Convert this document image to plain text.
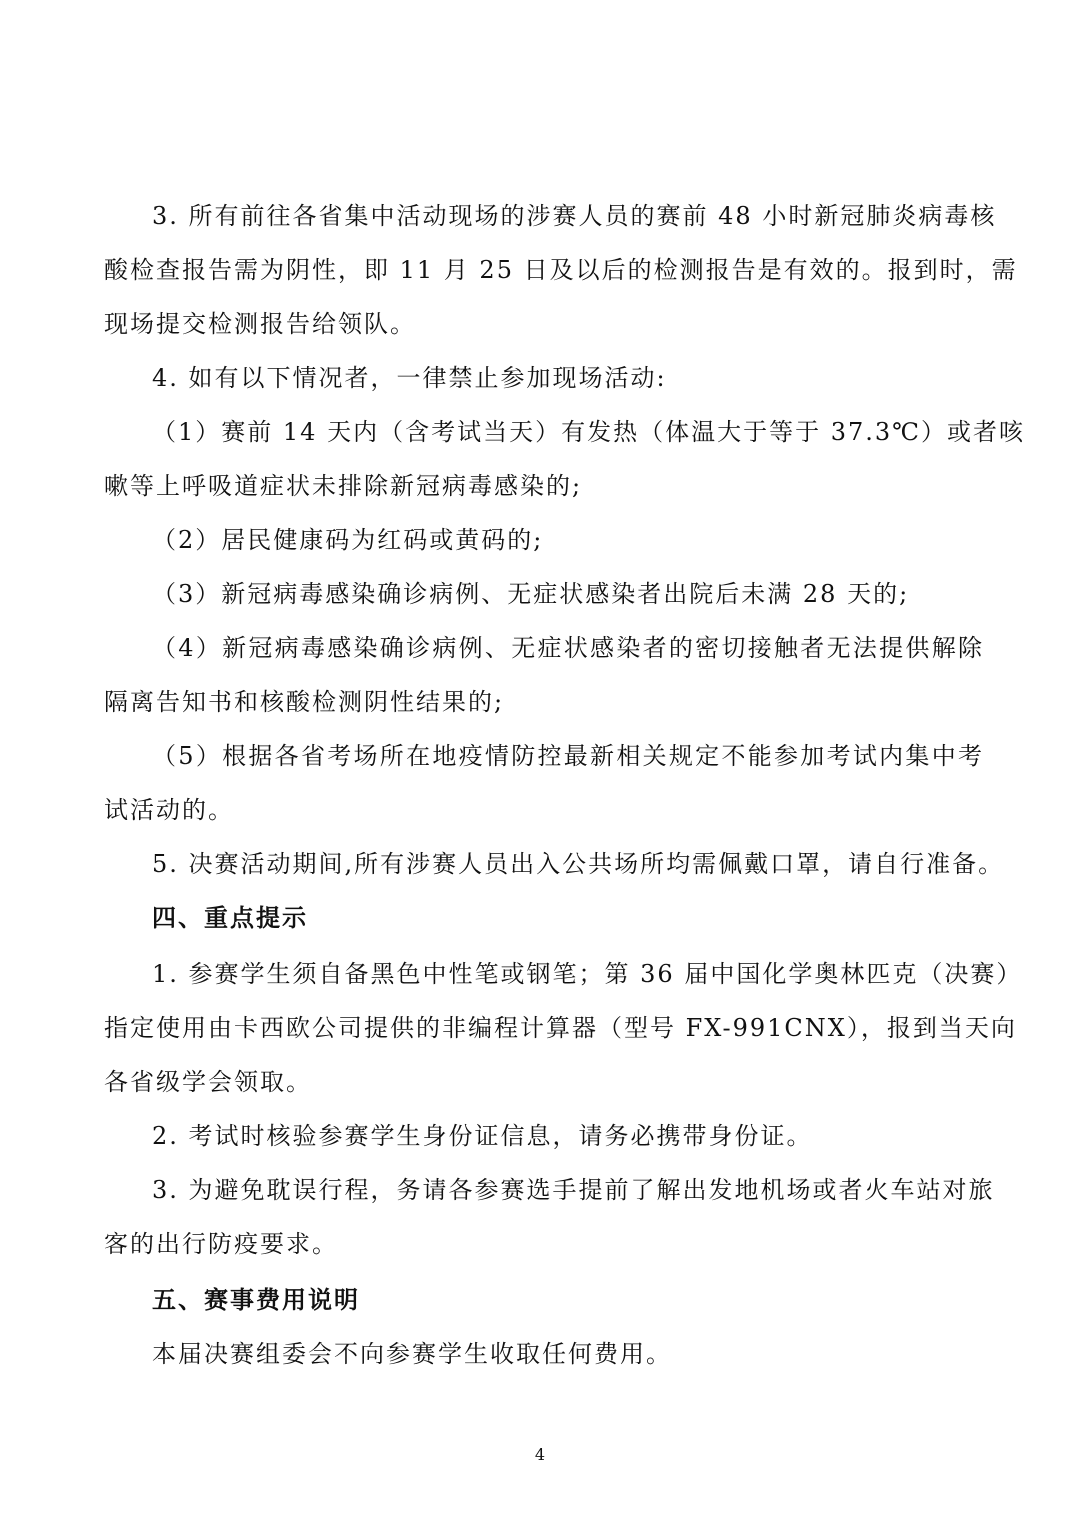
3. 所有前往各省集中活动现场的涉赛人员的赛前 48 小时新冠肺炎病毒核
酸检查报告需为阴性，即 11 月 25 日及以后的检测报告是有效的。报到时，需
现场提交检测报告给领队。
4. 如有以下情况者，一律禁止参加现场活动:
（1）赛前 14 天内（含考试当天）有发热（体温大于等于 37.3℃）或者咳
嗽等上呼吸道症状未排除新冠病毒感染的;
（2）居民健康码为红码或黄码的;
（3）新冠病毒感染确诊病例、无症状感染者出院后未满 28 天的;
（4）新冠病毒感染确诊病例、无症状感染者的密切接触者无法提供解除
隔离告知书和核酸检测阴性结果的;
（5）根据各省考场所在地疫情防控最新相关规定不能参加考试内集中考
试活动的。
5. 决赛活动期间,所有涉赛人员出入公共场所均需佩戴口罩，请自行准备。
四、重点提示
1. 参赛学生须自备黑色中性笔或钢笔；第 36 届中国化学奥林匹克（决赛）
指定使用由卡西欧公司提供的非编程计算器（型号 FX-991CNX），报到当天向
各省级学会领取。
2. 考试时核验参赛学生身份证信息，请务必携带身份证。
3. 为避免耽误行程，务请各参赛选手提前了解出发地机场或者火车站对旅
客的出行防疫要求。
五、赛事费用说明
本届决赛组委会不向参赛学生收取任何费用。
4
